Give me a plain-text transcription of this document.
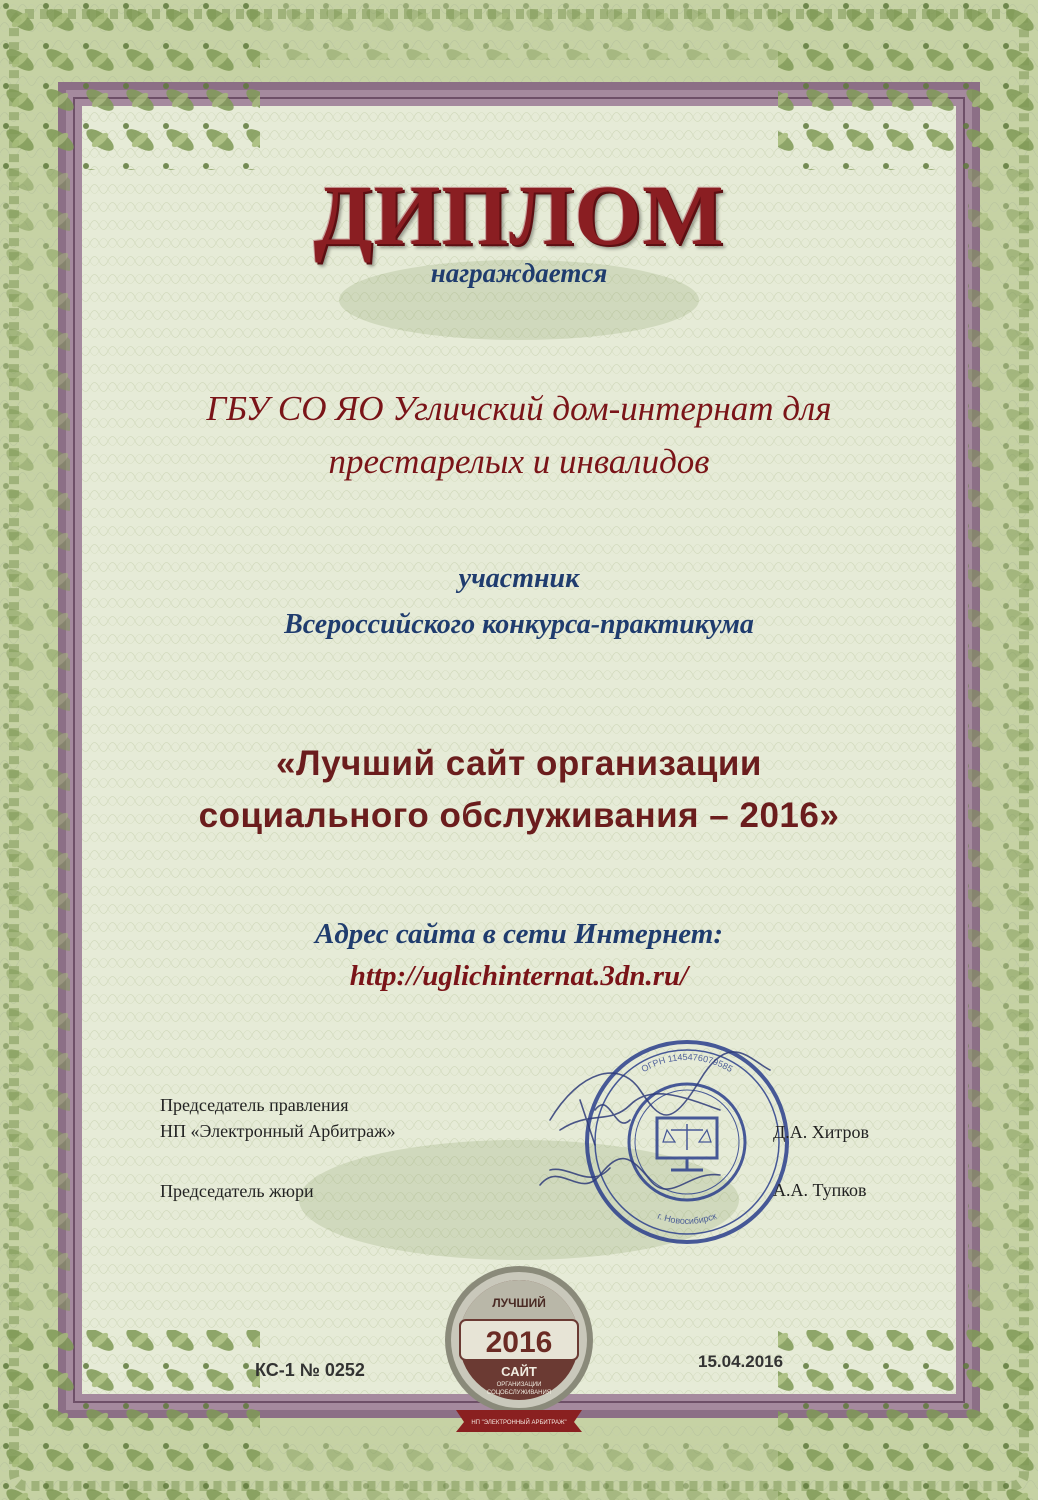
ДИПЛОМ
награждается
ГБУ СО ЯО Угличский дом-интернат для
престарелых и инвалидов
участник
Всероссийского конкурса-практикума
«Лучший сайт организации
социального обслуживания – 2016»
Адрес сайта в сети Интернет:
http://uglichinternat.3dn.ru/
ОГРН 1145476079585
г. Новосибирск
Председатель правления
НП «Электронный Арбитраж»	Д.А. Хитров
Председатель жюри	А.А. Тупков
2016
ЛУЧШИЙ
САЙТ
ОРГАНИЗАЦИИ
СОЦОБСЛУЖИВАНИЯ
НП "ЭЛЕКТРОННЫЙ АРБИТРАЖ"
КС-1 № 0252	15.04.2016
